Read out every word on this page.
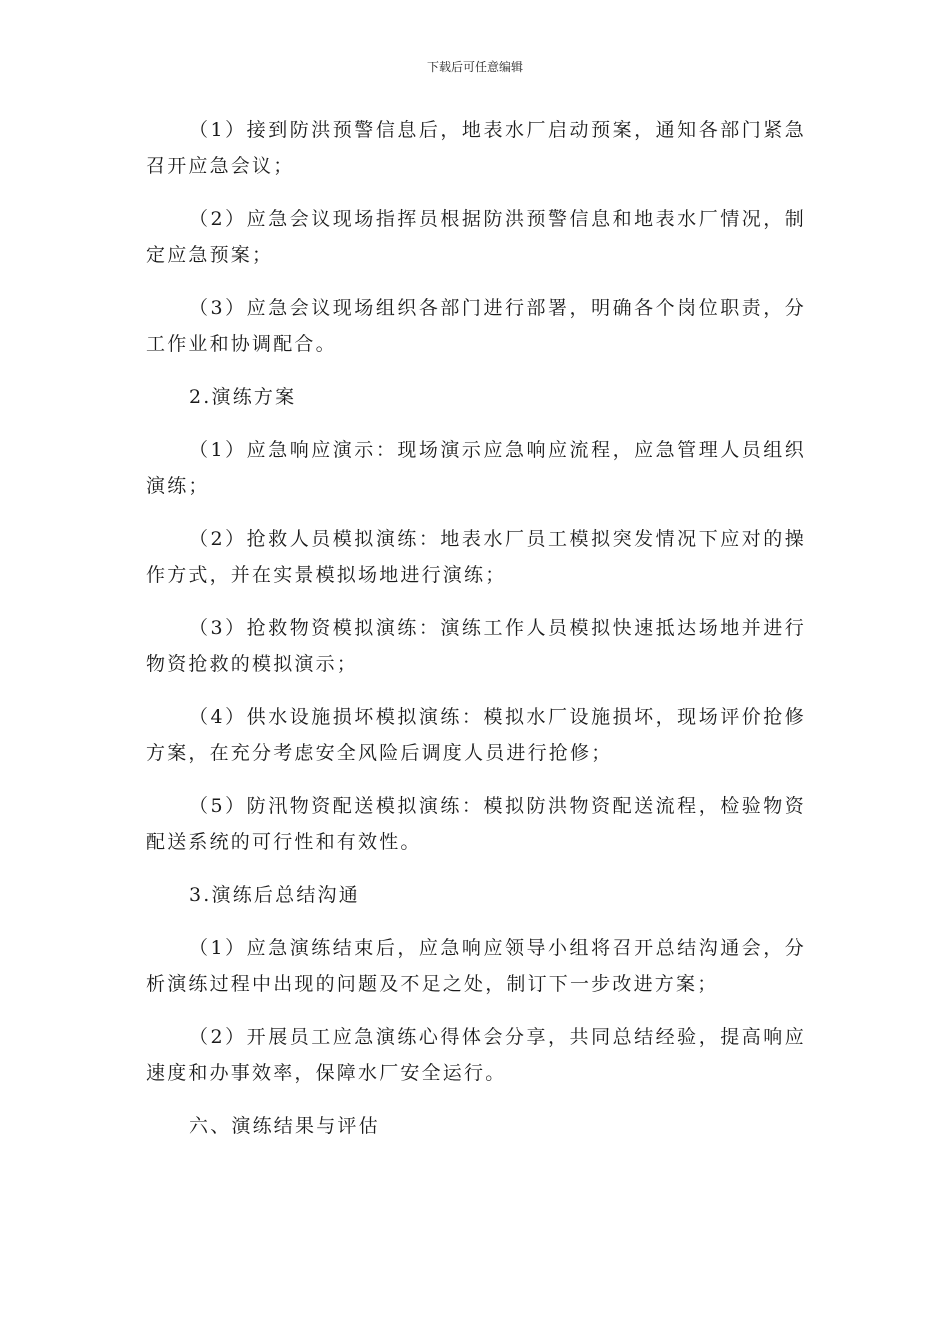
下载后可任意编辑

（1）接到防洪预警信息后，地表水厂启动预案，通知各部门紧急召开应急会议；

（2）应急会议现场指挥员根据防洪预警信息和地表水厂情况，制定应急预案；

（3）应急会议现场组织各部门进行部署，明确各个岗位职责，分工作业和协调配合。

2.演练方案

（1）应急响应演示：现场演示应急响应流程，应急管理人员组织演练；

（2）抢救人员模拟演练：地表水厂员工模拟突发情况下应对的操作方式，并在实景模拟场地进行演练；

（3）抢救物资模拟演练：演练工作人员模拟快速抵达场地并进行物资抢救的模拟演示；

（4）供水设施损坏模拟演练：模拟水厂设施损坏，现场评价抢修方案，在充分考虑安全风险后调度人员进行抢修；

（5）防汛物资配送模拟演练：模拟防洪物资配送流程，检验物资配送系统的可行性和有效性。

3.演练后总结沟通

（1）应急演练结束后，应急响应领导小组将召开总结沟通会，分析演练过程中出现的问题及不足之处，制订下一步改进方案；

（2）开展员工应急演练心得体会分享，共同总结经验，提高响应速度和办事效率，保障水厂安全运行。

六、演练结果与评估
